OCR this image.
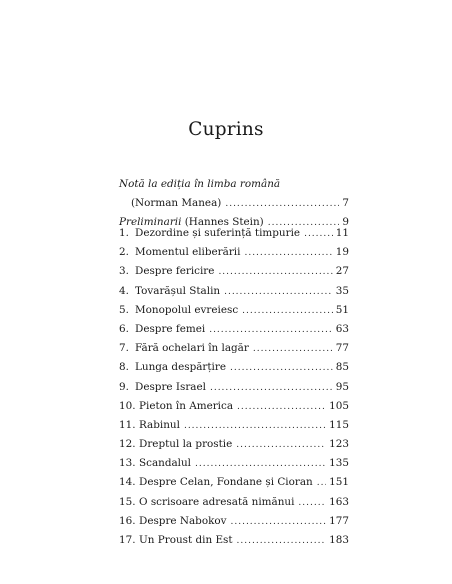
Cuprins
Notă la ediția în limba română
(Norman Manea) .....	7
Preliminarii (Hannes Stein) .....	9
1. Dezordine și suferință timpurie .....	11
2. Momentul eliberării .....	19
3. Despre fericire .....	27
4. Tovarășul Stalin .....	35
5. Monopolul evreiesc .....	51
6. Despre femei .....	63
7. Fără ochelari în lagăr .....	77
8. Lunga despărțire .....	85
9. Despre Israel .....	95
10. Pieton în America .....	105
11. Rabinul .....	115
12. Dreptul la prostie .....	123
13. Scandalul .....	135
14. Despre Celan, Fondane și Cioran ..... 151
15. O scrisoare adresată nimănui .....	163
16. Despre Nabokov .....	177
17. Un Proust din Est .....	183
